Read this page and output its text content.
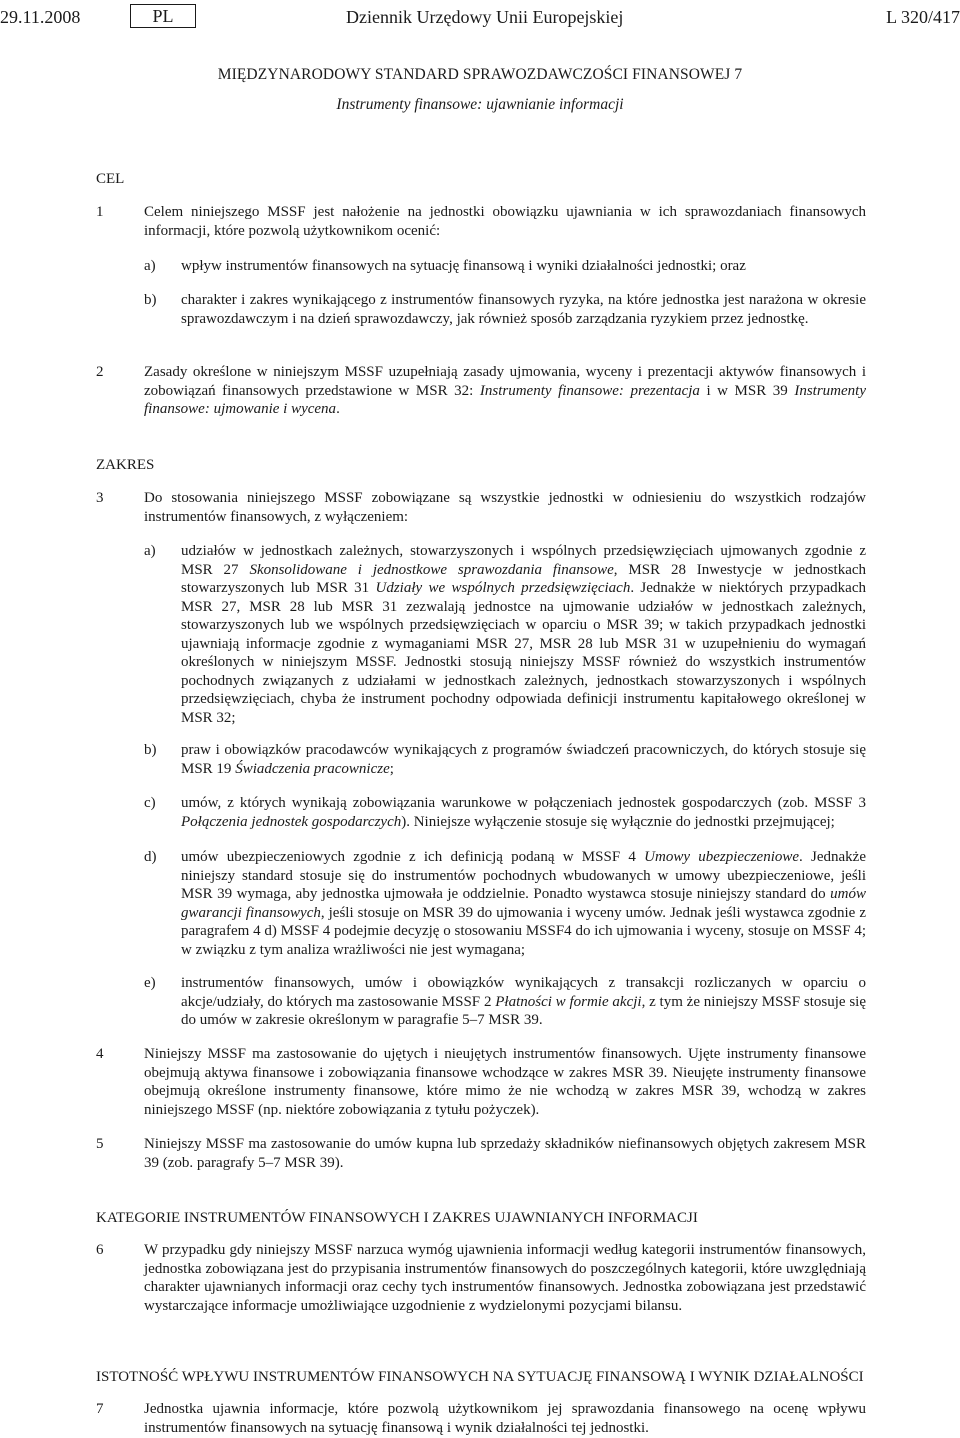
29.11.2008	PL	Dziennik Urzędowy Unii Europejskiej	L 320/417
MIĘDZYNARODOWY STANDARD SPRAWOZDAWCZOŚCI FINANSOWEJ 7
Instrumenty finansowe: ujawnianie informacji
CEL
1	Celem niniejszego MSSF jest nałożenie na jednostki obowiązku ujawniania w ich sprawozdaniach finansowych informacji, które pozwolą użytkownikom ocenić:

a) wpływ instrumentów finansowych na sytuację finansową i wyniki działalności jednostki; oraz

b) charakter i zakres wynikającego z instrumentów finansowych ryzyka, na które jednostka jest narażona w okresie sprawozdawczym i na dzień sprawozdawczy, jak również sposób zarządzania ryzykiem przez jednostkę.

2	Zasady określone w niniejszym MSSF uzupełniają zasady ujmowania, wyceny i prezentacji aktywów finansowych i zobowiązań finansowych przedstawione w MSR 32: Instrumenty finansowe: prezentacja i w MSR 39 Instrumenty finansowe: ujmowanie i wycena.

ZAKRES
3	Do stosowania niniejszego MSSF zobowiązane są wszystkie jednostki w odniesieniu do wszystkich rodzajów instrumentów finansowych, z wyłączeniem:

a) udziałów w jednostkach zależnych, stowarzyszonych i wspólnych przedsięwzięciach ujmowanych zgodnie z MSR 27 Skonsolidowane i jednostkowe sprawozdania finansowe, MSR 28 Inwestycje w jednostkach stowarzyszonych lub MSR 31 Udziały we wspólnych przedsięwzięciach. Jednakże w niektórych przypadkach MSR 27, MSR 28 lub MSR 31 zezwalają jednostce na ujmowanie udziałów w jednostkach zależnych, stowarzyszonych lub we wspólnych przedsięwzięciach w oparciu o MSR 39; w takich przypadkach jednostki ujawniają informacje zgodnie z wymaganiami MSR 27, MSR 28 lub MSR 31 w uzupełnieniu do wymagań określonych w niniejszym MSSF. Jednostki stosują niniejszy MSSF również do wszystkich instrumentów pochodnych związanych z udziałami w jednostkach zależnych, jednostkach stowarzyszonych i wspólnych przedsięwzięciach, chyba że instrument pochodny odpowiada definicji instrumentu kapitałowego określonej w MSR 32;

b) praw i obowiązków pracodawców wynikających z programów świadczeń pracowniczych, do których stosuje się MSR 19 Świadczenia pracownicze;

c) umów, z których wynikają zobowiązania warunkowe w połączeniach jednostek gospodarczych (zob. MSSF 3 Połączenia jednostek gospodarczych). Niniejsze wyłączenie stosuje się wyłącznie do jednostki przejmującej;

d) umów ubezpieczeniowych zgodnie z ich definicją podaną w MSSF 4 Umowy ubezpieczeniowe. Jednakże niniejszy standard stosuje się do instrumentów pochodnych wbudowanych w umowy ubezpieczeniowe, jeśli MSR 39 wymaga, aby jednostka ujmowała je oddzielnie. Ponadto wystawca stosuje niniejszy standard do umów gwarancji finansowych, jeśli stosuje on MSR 39 do ujmowania i wyceny umów. Jednak jeśli wystawca zgodnie z paragrafem 4 d) MSSF 4 podejmie decyzję o stosowaniu MSSF4 do ich ujmowania i wyceny, stosuje on MSSF 4; w związku z tym analiza wrażliwości nie jest wymagana;

e) instrumentów finansowych, umów i obowiązków wynikających z transakcji rozliczanych w oparciu o akcje/udziały, do których ma zastosowanie MSSF 2 Płatności w formie akcji, z tym że niniejszy MSSF stosuje się do umów w zakresie określonym w paragrafie 5–7 MSR 39.

4	Niniejszy MSSF ma zastosowanie do ujętych i nieujętych instrumentów finansowych. Ujęte instrumenty finansowe obejmują aktywa finansowe i zobowiązania finansowe wchodzące w zakres MSR 39. Nieujęte instrumenty finansowe obejmują określone instrumenty finansowe, które mimo że nie wchodzą w zakres MSR 39, wchodzą w zakres niniejszego MSSF (np. niektóre zobowiązania z tytułu pożyczek).

5	Niniejszy MSSF ma zastosowanie do umów kupna lub sprzedaży składników niefinansowych objętych zakresem MSR 39 (zob. paragrafy 5–7 MSR 39).

KATEGORIE INSTRUMENTÓW FINANSOWYCH I ZAKRES UJAWNIANYCH INFORMACJI
6	W przypadku gdy niniejszy MSSF narzuca wymóg ujawnienia informacji według kategorii instrumentów finansowych, jednostka zobowiązana jest do przypisania instrumentów finansowych do poszczególnych kategorii, które uwzględniają charakter ujawnianych informacji oraz cechy tych instrumentów finansowych. Jednostka zobowiązana jest przedstawić wystarczające informacje umożliwiające uzgodnienie z wydzielonymi pozycjami bilansu.

ISTOTNOŚĆ WPŁYWU INSTRUMENTÓW FINANSOWYCH NA SYTUACJĘ FINANSOWĄ I WYNIK DZIAŁALNOŚCI
7	Jednostka ujawnia informacje, które pozwolą użytkownikom jej sprawozdania finansowego na ocenę wpływu instrumentów finansowych na sytuację finansową i wynik działalności tej jednostki.
